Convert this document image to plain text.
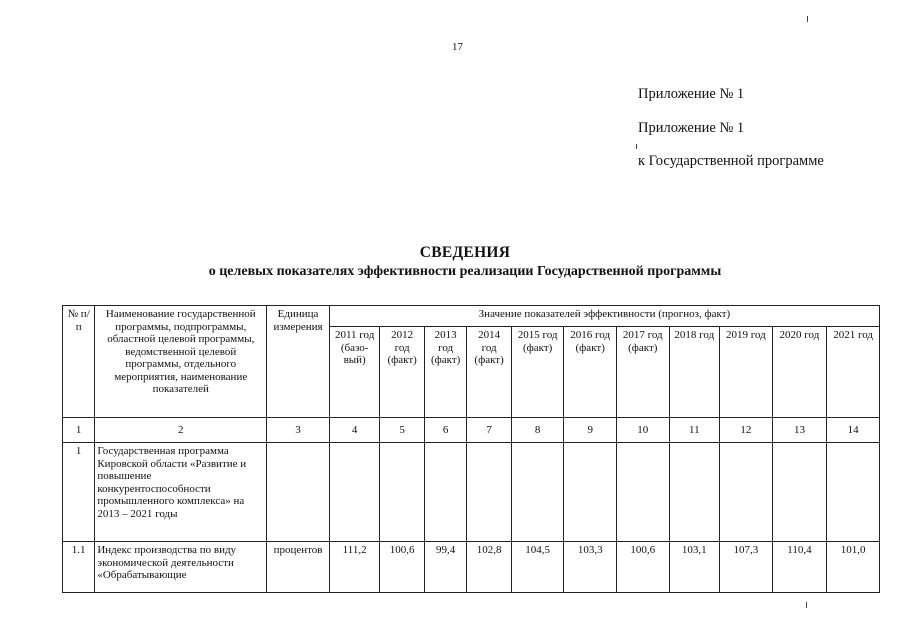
17
Приложение № 1
Приложение № 1
к Государственной программе
СВЕДЕНИЯ
о целевых показателях эффективности реализации Государственной программы
№ п/п	Наименование государственной программы, подпрограммы, областной целевой программы, ведомственной целевой программы, отдельного мероприятия, наименование показателей	Единица измерения	Значение показателей эффективности (прогноз, факт)										
			2011 год (базо-вый)	2012 год (факт)	2013 год (факт)	2014 год (факт)	2015 год (факт)	2016 год (факт)	2017 год (факт)	2018 год	2019 год	2020 год	2021 год
1	2	3	4	5	6	7	8	9	10	11	12	13	14
1	Государственная программа Кировской области «Развитие и повышение конкурентоспособности промышленного комплекса» на 2013 – 2021 годы												
1.1	Индекс производства по виду экономической деятельности «Обрабатывающие	процентов	111,2	100,6	99,4	102,8	104,5	103,3	100,6	103,1	107,3	110,4	101,0
